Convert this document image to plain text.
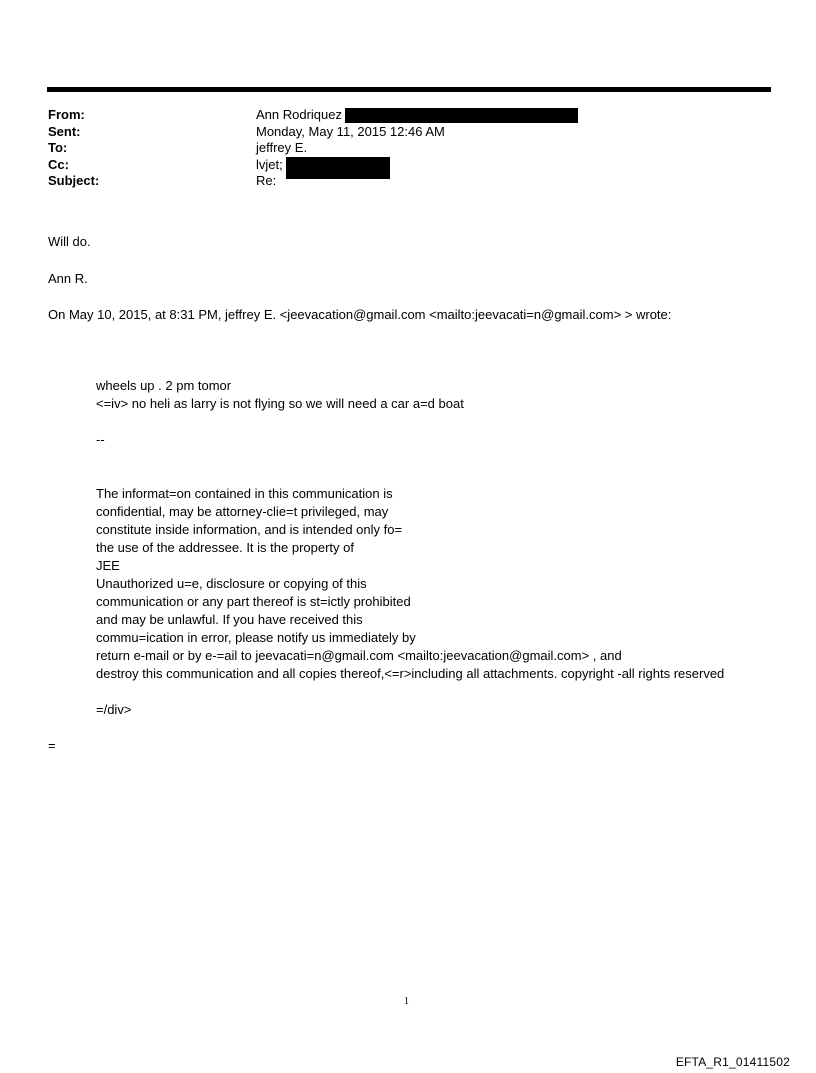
From:	Ann Rodriquez
Sent:	Monday, May 11, 2015 12:46 AM
To:	jeffrey E.
Cc:	lvjet;
Subject:	Re:
Will do.
Ann R.
On May 10, 2015, at 8:31 PM, jeffrey E. <jeevacation@gmail.com <mailto:jeevacati=n@gmail.com> > wrote:
wheels up . 2 pm tomor
<=iv> no heli as larry is not flying so we will need a car a=d boat
--
The informat=on contained in this communication is
confidential, may be attorney-clie=t privileged, may
constitute inside information, and is intended only fo=
the use of the addressee. It is the property of
JEE
Unauthorized u=e, disclosure or copying of this
communication or any part thereof is st=ictly prohibited
and may be unlawful. If you have received this
commu=ication in error, please notify us immediately by
return e-mail or by e-=ail to jeevacati=n@gmail.com <mailto:jeevacation@gmail.com> , and
destroy this communication and all copies thereof,<=r>including all attachments. copyright -all rights reserved
=/div>
=
1
EFTA_R1_01411502
